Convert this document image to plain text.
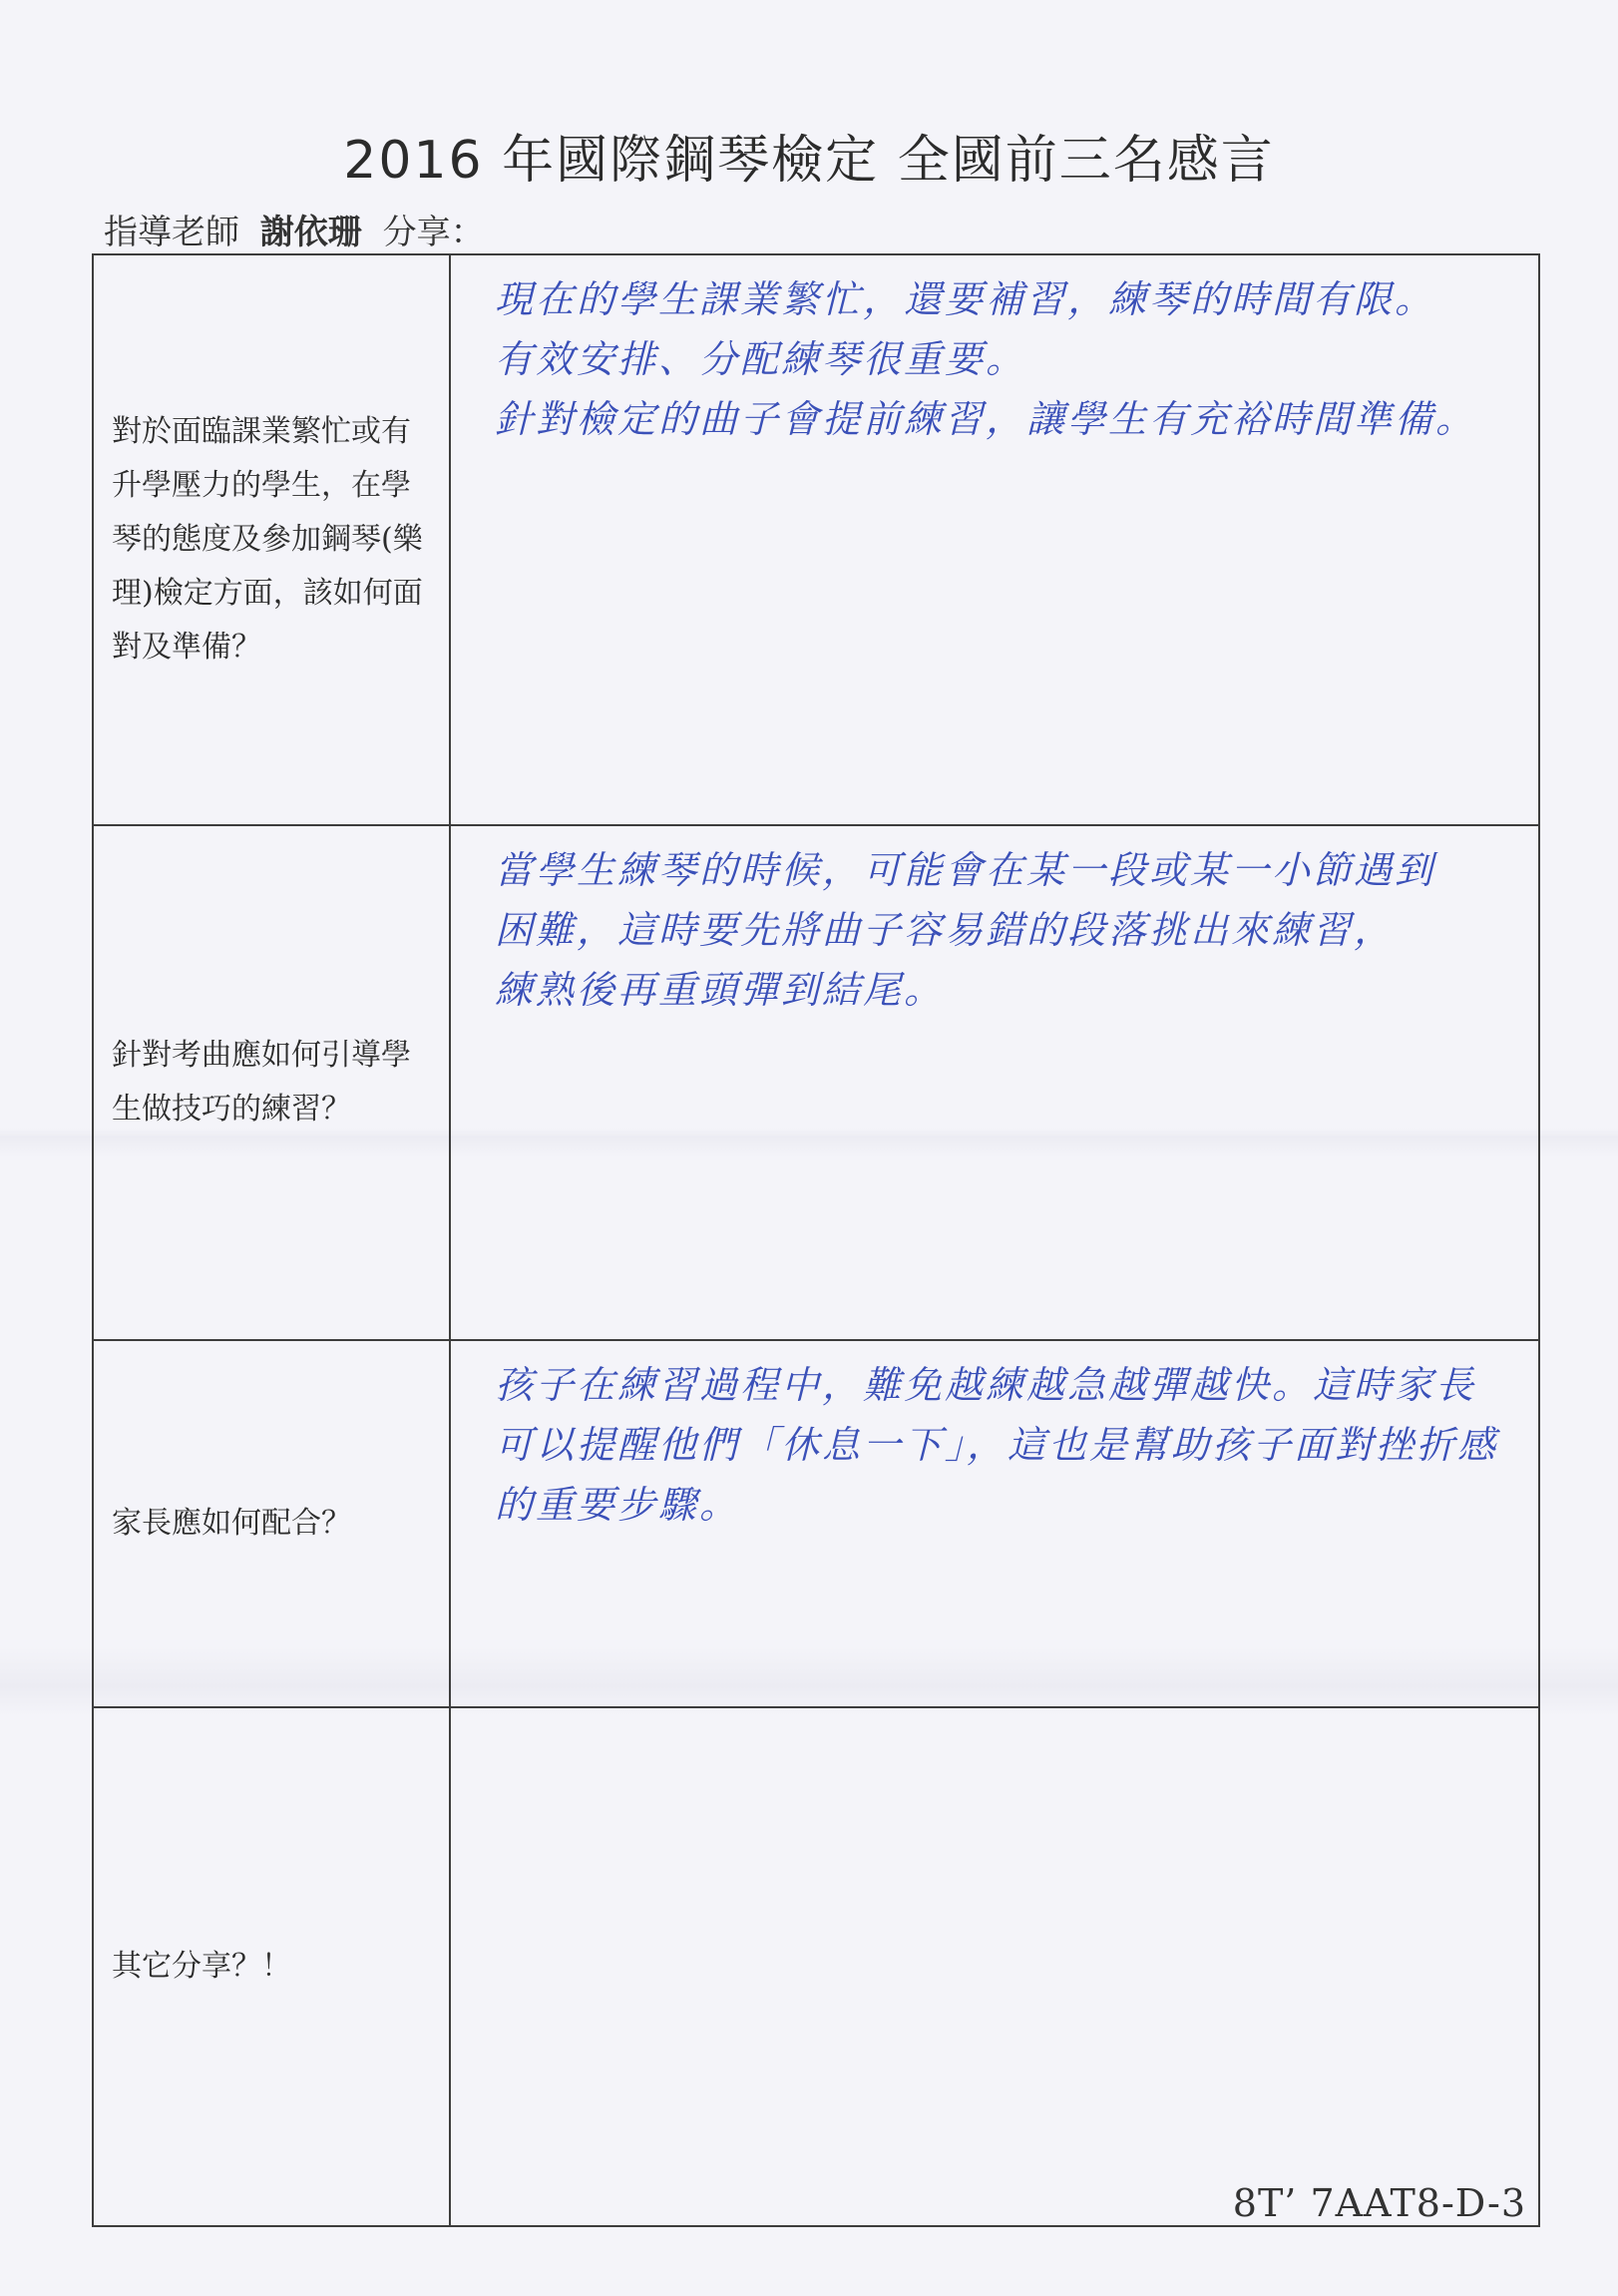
2016 年國際鋼琴檢定 全國前三名感言
指導老師 謝依珊 分享：
對於面臨課業繁忙或有升學壓力的學生，在學琴的態度及參加鋼琴(樂理)檢定方面，該如何面對及準備？	現在的學生課業繁忙，還要補習，練琴的時間有限。
有效安排、分配練琴很重要。
針對檢定的曲子會提前練習，讓學生有充裕時間準備。

針對考曲應如何引導學生做技巧的練習？	當學生練琴的時候，可能會在某一段或某一小節遇到
困難，這時要先將曲子容易錯的段落挑出來練習，
練熟後再重頭彈到結尾。

家長應如何配合？	孩子在練習過程中，難免越練越急越彈越快。這時家長
可以提醒他們「休息一下」，這也是幫助孩子面對挫折感
的重要步驟。

其它分享？！	
8T’ 7AAT8-D-3
